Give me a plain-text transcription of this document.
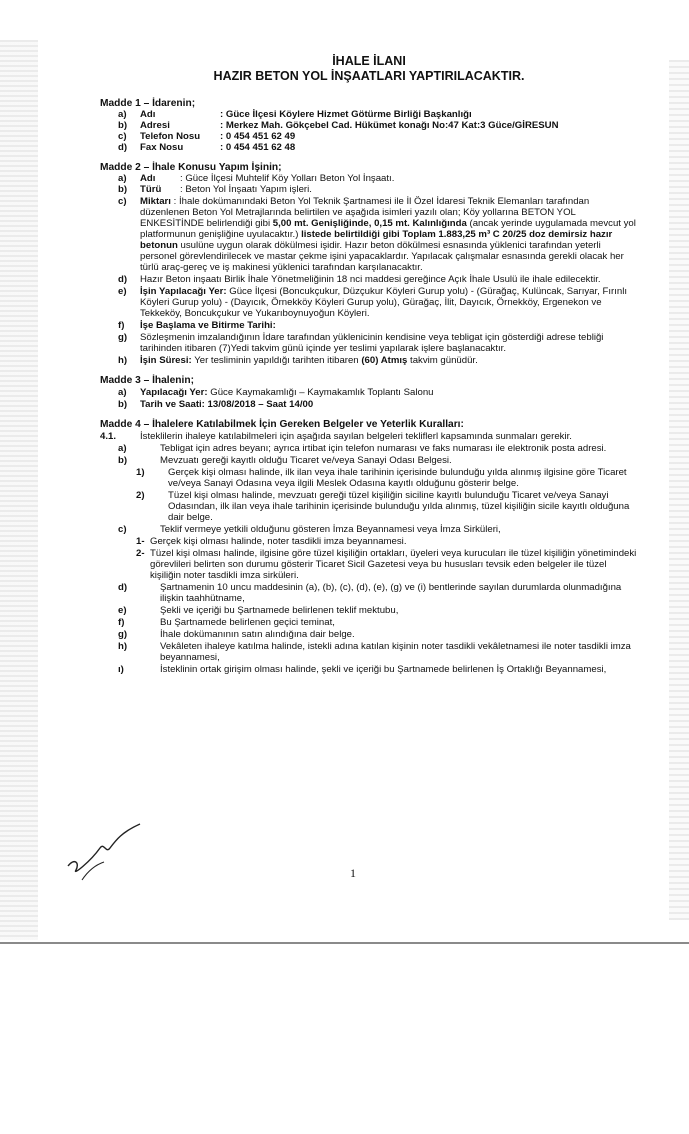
İHALE İLANI

HAZIR BETON YOL İNŞAATLARI YAPTIRILACAKTIR.

Madde 1 – İdarenin;
a)	Adı	: Güce İlçesi Köylere Hizmet Götürme Birliği Başkanlığı
b)	Adresi	: Merkez Mah. Gökçebel Cad. Hükümet konağı No:47 Kat:3 Güce/GİRESUN
c)	Telefon Nosu	: 0 454 451 62 49
d)	Fax Nosu	: 0 454 451 62 48
Madde 2 – İhale Konusu Yapım İşinin;
a)	Adı	: Güce İlçesi Muhtelif Köy Yolları Beton Yol İnşaatı.
b)	Türü	: Beton Yol İnşaatı Yapım işleri.
c)	Miktarı : İhale dokümanındaki Beton Yol Teknik Şartnamesi ile İl Özel İdaresi Teknik Elemanları tarafından düzenlenen Beton Yol Metrajlarında belirtilen ve aşağıda isimleri yazılı olan; Köy yollarına BETON YOL ENKESİTİNDE belirlendiği gibi 5,00 mt. Genişliğinde, 0,15 mt. Kalınlığında (ancak yerinde uygulamada mevcut yol platformunun genişliğine uyulacaktır.) listede belirtildiği gibi Toplam 1.883,25 m³ C 20/25 doz demirsiz hazır betonun usulüne uygun olarak dökülmesi işidir. Hazır beton dökülmesi esnasında yüklenici tarafından yeterli personel görevlendirilecek ve mastar çekme işini yapacaklardır. Yapılacak çalışmalar esnasında gerekli olacak her türlü araç-gereç ve iş makinesi yüklenici tarafından karşılanacaktır.
d)	Hazır Beton inşaatı Birlik İhale Yönetmeliğinin 18 nci maddesi gereğince Açık İhale Usulü ile ihale edilecektir.
e)	İşin Yapılacağı Yer: Güce İlçesi (Boncukçukur, Düzçukur Köyleri Gurup yolu) - (Gürağaç, Kulüncak, Sarıyar, Fırınlı Köyleri Gurup yolu) - (Dayıcık, Örnekköy Köyleri Gurup yolu), Gürağaç, İlit, Dayıcık, Örnekköy, Ergenekon ve Tekkeköy, Boncukçukur ve Yukarıboynuyoğun Köyleri.
f)	İşe Başlama ve Bitirme Tarihi:
g)	Sözleşmenin imzalandığının İdare tarafından yüklenicinin kendisine veya tebligat için gösterdiği adrese tebliği tarihinden itibaren (7)Yedi takvim günü içinde yer teslimi yapılarak işlere başlanacaktır.
h)	İşin Süresi: Yer tesliminin yapıldığı tarihten itibaren (60) Atmış takvim günüdür.
Madde 3 – İhalenin;
a)	Yapılacağı Yer: Güce Kaymakamlığı – Kaymakamlık Toplantı Salonu
b)	Tarih ve Saati: 13/08/2018 – Saat 14/00
Madde 4 – İhalelere Katılabilmek İçin Gereken Belgeler ve Yeterlik Kuralları:
4.1.	İsteklilerin ihaleye katılabilmeleri için aşağıda sayılan belgeleri tekliflerl kapsamında sunmaları gerekir.
a)	Tebligat için adres beyanı; ayrıca irtibat için telefon numarası ve faks numarası ile elektronik posta adresi.
b)	Mevzuatı gereği kayıtlı olduğu Ticaret ve/veya Sanayi Odası Belgesi.
1)	Gerçek kişi olması halinde, ilk ilan veya ihale tarihinin içerisinde bulunduğu yılda alınmış ilgisine göre Ticaret ve/veya Sanayi Odasına veya ilgili Meslek Odasına kayıtlı olduğunu gösterir belge.
2)	Tüzel kişi olması halinde, mevzuatı gereği tüzel kişiliğin siciline kayıtlı bulunduğu Ticaret ve/veya Sanayi Odasından, ilk ilan veya ihale tarihinin içerisinde bulunduğu yılda alınmış, tüzel kişiliğin sicile kayıtlı olduğuna dair belge.
c)	Teklif vermeye yetkili olduğunu gösteren İmza Beyannamesi veya İmza Sirküleri,
1- Gerçek kişi olması halinde, noter tasdikli imza beyannamesi.
2- Tüzel kişi olması halinde, ilgisine göre tüzel kişiliğin ortakları, üyeleri veya kurucuları ile tüzel kişiliğin yönetimindeki görevlileri belirten son durumu gösterir Ticaret Sicil Gazetesi veya bu hususları tevsik eden belgeler ile tüzel kişiliğin noter tasdikli imza sirküleri.
d)	Şartnamenin 10 uncu maddesinin (a), (b), (c), (d), (e), (g) ve (i) bentlerinde sayılan durumlarda olunmadığına ilişkin taahhütname,
e)	Şekli ve içeriği bu Şartnamede belirlenen teklif mektubu,
f)	Bu Şartnamede belirlenen geçici teminat,
g)	İhale dokümanının satın alındığına dair belge.
h)	Vekâleten ihaleye katılma halinde, istekli adına katılan kişinin noter tasdikli vekâletnamesi ile noter tasdikli imza beyannamesi,
ı)	İsteklinin ortak girişim olması halinde, şekli ve içeriği bu Şartnamede belirlenen İş Ortaklığı Beyannamesi,
1
